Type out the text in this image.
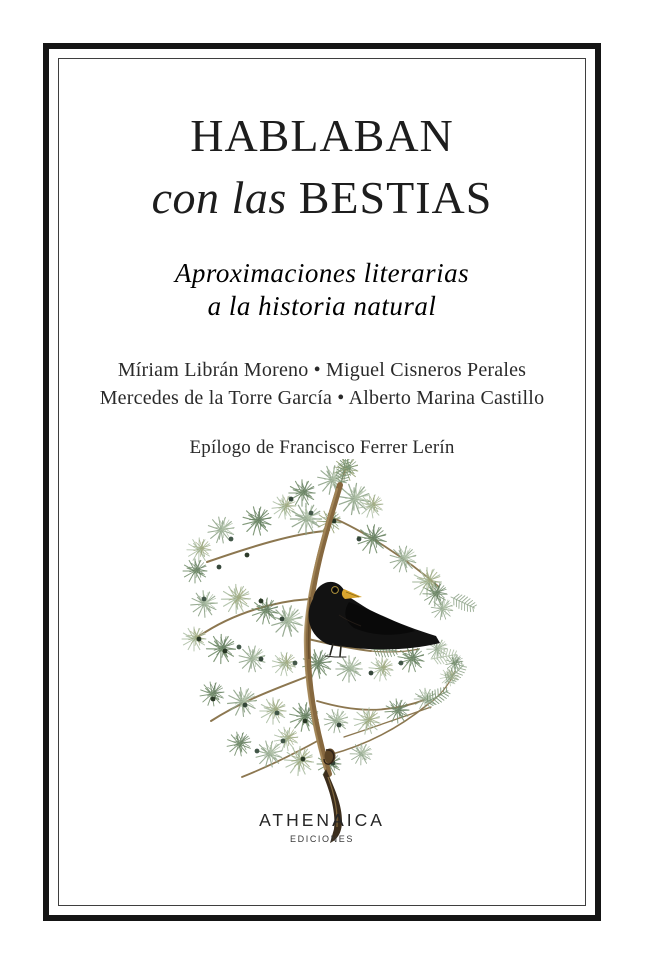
HABLABAN
con las BESTIAS
Aproximaciones literarias
a la historia natural
Míriam Librán Moreno • Miguel Cisneros Perales
Mercedes de la Torre García • Alberto Marina Castillo
Epílogo de Francisco Ferrer Lerín
ATHENAICA
EDICIONES
